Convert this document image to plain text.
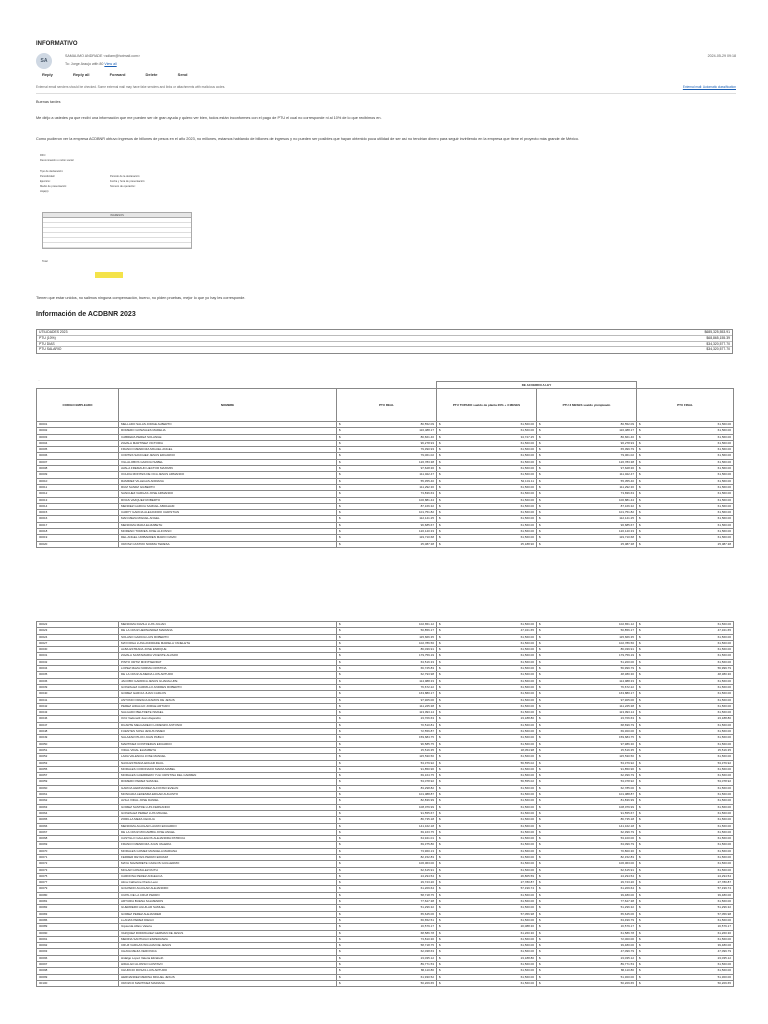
INFORMATIVO
SA
SAMALIMO ANDRADE <sdlam@hotmail.com>
To: Jorge Araujo with 80 View all
2024-05-29 09:18
Reply	Reply all	Forward	Delete	Send
External email senders should be checked. Some external mail may have fake senders and links or attachments with malicious codes.	External mail: Automatic classification
Buenas tardes
Me dirijo a ustedes ya que recibí una información que me pueden ser de gran ayuda y quiero ver bien, todos están inconformes con el pago de PTU el cual no corresponde ni al 10% de lo que recibimos en.
Como pudieron ver la empresa ACDBNR obtuvo ingresos de billones de pesos en el año 2023, no millones, estamos hablando de billones de ingresos y no pueden ser posibles que hayan obtenido poca utilidad de ser así no tendrían dinero para seguir invirtiendo en la empresa que tiene el proyecto más grande de México.
RFC:
Denominación o razón social:
Tipo de declaración:
Periodicidad:
Ejercicio:
Medio de presentación:
Hoja(s):
Periodo de la declaración:
Fecha y hora de presentación:
Número de operación:
INGRESOS
Total
Tienen que estar unidos, no salimos ninguna compensación, bueno, no piden pruebas, mejor lo que yo hay les corresponde.
Información de ACDBNR 2023
UTILIDADES 2023	$685,325,553.91
PTU (10%)	$68,865,155.39
PTU DIAS	$34,320,577.70
PTU SALARIO	$34,320,577.70
..
			DE ACUERDO A LEY		
CODIGO EMPLEADO	NOMBRE	PTU REAL	PTU TOPADO sueldo de planta 20% + 3 MESES	PTU 3 MESES sueldo y/empleado	PTU FINAL
00001	MELLADO SALAS JORGE ALBERTO	$ 80,552.09	$ 61,560.00	$ 80,552.09	$ 61,560.00

00002	ROMERO GONZALES MADELIA	$ 116,488.17	$ 61,560.00	$ 116,488.17	$ 61,560.00

00003	CABRERA PEREZ SOLANGE	$ 80,661.46	$ 34,727.25	$ 80,661.46	$ 61,560.00

00004	ZAVALA MARTINEZ VICTORIA	$ 96,278.93	$ 61,560.00	$ 96,278.93	$ 61,560.00

00005	FRANCO MENDOZA MIGUEL ANGEL	$ 79,390.93	$ 61,560.00	$ 65,099.79	$ 61,560.00

00006	CORTES SANCHEZ JESUS EDUARDO	$ 79,061.02	$ 61,560.00	$ 79,061.02	$ 61,560.00

00007	VILLALOBOS GARCIA ISABEL	$ 126,783.38	$ 61,560.00	$ 126,783.38	$ 61,560.00

00008	AVALA FREMAUD HECTOR MAXIMIN	$ 97,628.36	$ 61,560.00	$ 97,628.36	$ 61,560.00

00009	OCHOA MONTES DE OCA JESUS ARMANDO	$ 111,022.47	$ 61,560.00	$ 111,022.47	$ 61,560.00

00010	RAMIREZ VILLEGAS ADRIANA	$ 55,355.40	$ 52,101.11	$ 55,355.40	$ 61,560.00

00011	RUIZ SANDZ GILBERTO	$ 111,292.36	$ 61,560.00	$ 111,292.36	$ 61,560.00

00012	SANCHEZ VARGAS JOSE ARMANDO	$ 73,836.63	$ 61,560.00	$ 73,836.63	$ 61,560.00

00013	RIVAS VAZQUEZ ROBERTO	$ 100,881.44	$ 61,560.00	$ 100,881.44	$ 61,560.00

00014	MENDEZ GARCIA SAMUEL ABRAHAM	$ 87,166.32	$ 61,560.00	$ 87,166.32	$ 61,560.00

00015	CARPY GARCIA ALEJANDRO CHRISTIAN	$ 101,751.82	$ 61,560.00	$ 101,751.82	$ 61,560.00

00016	MAN MEZA MIGUEL ANGEL	$ 112,141.25	$ 61,560.00	$ 112,141.25	$ 61,560.00

00017	MENDOZA MADA ELIZABETH	$ 96,685.67	$ 61,560.00	$ 96,685.67	$ 61,560.00

00018	MORENO TORRES JOSE ALFONSO	$ 120,140.33	$ 61,560.00	$ 120,140.33	$ 61,560.00

00019	DEL ANGEL URIBARREN MARIO DAVID	$ 119,710.68	$ 61,560.00	$ 119,710.68	$ 61,560.00

00020	OROSZ CASTRO NORMA TERESA	$ 25,087.38	$ 25,188.90	$ 25,087.38	$ 25,087.38
00022	MENDOZA DAVILA LUIS JULIAN	$ 102,651.12	$ 61,560.00	$ 102,651.12	$ 61,560.00

00023	DE LA CRUZ HERNANDEZ MARIANA	$ 50,856.17	$ 47,321.65	$ 50,856.17	$ 47,321.65

00024	SOLANO GARCIA LUIS ROBERTO	$ 115,666.35	$ 61,560.00	$ 115,666.35	$ 61,560.00

00027	MAYORGA LUNA ANDRADE MARIELA YANELETH	$ 102,786.56	$ 61,560.00	$ 102,786.56	$ 61,560.00

00030	ALBA ESTRADA JOSE ENRIQUE	$ 86,039.91	$ 61,560.00	$ 86,039.91	$ 61,560.00

00031	ZAVALA SANTAMARIA VICENTE ALVARO	$ 179,759.19	$ 61,560.00	$ 179,759.19	$ 61,560.00

00032	PINTO ORTIZ MONTSERRAT	$ 63,516.33	$ 61,560.00	$ 51,200.00	$ 61,560.00

00034	LOPEZ MAZA NORMA CRISTINA	$ 66,725.83	$ 61,560.00	$ 56,999.79	$ 56,999.79

00035	DE LA CRUZ ALMEIDA LUIS ARTURO	$ 62,793.98	$ 61,560.00	$ 48,380.30	$ 48,380.30

00036	JACOBO GARRICA JESUS GUADALUPE	$ 114,988.33	$ 61,560.00	$ 114,988.33	$ 61,560.00

00039	GONZALEZ CARRILLO ANDRES ROBERTO	$ 76,672.22	$ 61,560.00	$ 76,672.22	$ 61,560.00

00040	GOMEZ GARCIA JUAN CARLOS	$ 163,880.17	$ 61,560.00	$ 163,880.17	$ 61,560.00

00041	ANTONIO FRESCA RAMOS DE JESUS	$ 97,905.00	$ 61,560.00	$ 97,905.00	$ 61,560.00

00042	PEREZ HIDALGO JORGE ARTURO	$ 111,225.38	$ 61,560.00	$ 111,225.38	$ 61,560.00

00043	SALGADO BELTRETE ISMAEL	$ 113,093.14	$ 61,560.00	$ 113,093.14	$ 61,560.00

00046	Ortiz Vadunelli Juan Alejandro	$ 23,706.63	$ 23,188.80	$ 23,706.63	$ 23,188.80

00047	DUARTE MELGAREJO LORENZO ANTONIO	$ 70,510.81	$ 61,560.00	$ 68,699.79	$ 61,560.00

00048	FUENTES SOSA JESUS ISMEO	$ 72,556.87	$ 61,560.00	$ 69,300.00	$ 61,560.00

00049	SALAZAR PILON JUAN PABLO	$ 159,684.75	$ 61,560.00	$ 159,684.75	$ 61,560.00

00050	MARTINEZ CONTRERAS EDUARDO	$ 96,585.75	$ 61,560.00	$ 97,986.30	$ 61,560.00

00051	VIDAL VIDAL ELIZABETH	$ 15,516.35	$ 18,054.98	$ 15,516.35	$ 15,516.35

00052	LARA VALENCIA JOSE MANUEL	$ 115,530.50	$ 61,560.00	$ 115,530.50	$ 61,560.00

00053	NAVA ESTRADA EDGAR RAUL	$ 53,379.92	$ 56,555.02	$ 53,379.92	$ 53,379.92

00055	MORALES CORONADO MARIA MABEL	$ 91,850.96	$ 61,560.00	$ 91,850.96	$ 61,560.00

00057	MORALES GUERRERO YULI CRISTINA DEL CARMEN	$ 69,164.75	$ 61,560.00	$ 62,399.79	$ 61,560.00

00059	ROMERO PEREZ SAMUEL	$ 53,078.92	$ 56,555.02	$ 53,078.92	$ 53,078.92

00060	GARCIA HERNANDEZ ALFONSO EVELIN	$ 83,298.82	$ 61,560.00	$ 62,785.00	$ 61,560.00

00061	MONCADA LEDESMA EDGAR AUGUSTO	$ 101,088.87	$ 61,560.00	$ 101,088.87	$ 61,560.00

00062	AVILA VIDAL JOSE DANIEL	$ 82,836.99	$ 61,560.00	$ 81,836.99	$ 61,560.00

00063	GOMEZ SASTRE LUIS FERNANDO	$ 108,079.99	$ 61,560.00	$ 108,079.99	$ 61,560.00

00064	GONZALEZ PEREZ LUIS MIGUEL	$ 91,555.67	$ 61,560.00	$ 91,555.67	$ 61,560.00

00065	ZORILLA MEZA CECILIA	$ 86,735.18	$ 61,560.00	$ 86,735.18	$ 61,560.00

00066	MENDOZA AGUILAR LAURO EDUARDO	$ 141,162.18	$ 61,560.00	$ 141,162.18	$ 61,560.00

00067	DE LA CRUZ MOCAMBIA JOSE ANGEL	$ 69,163.75	$ 61,560.00	$ 62,399.79	$ 61,560.00

00068	CASTILLO GALLEGOS ALEJANDRA PATRICIA	$ 64,941.01	$ 61,560.00	$ 53,100.00	$ 61,560.00

00069	FRANCO MENDOZA JUAN VALERIA	$ 69,375.80	$ 61,560.00	$ 63,099.79	$ 61,560.00

00070	MORALES GOMEZ MANUELA MARIANA	$ 73,960.13	$ 61,560.00	$ 70,800.30	$ 61,560.00

00071	FERRER REYES PEDRO EFRAIM	$ 82,152.83	$ 61,560.00	$ 82,152.83	$ 61,560.00

00072	MAYA NAVARRETE CARLOS GUILLERMO	$ 106,063.00	$ 61,560.00	$ 106,063.00	$ 61,560.00

00073	MOLAR GONZALEZ RUTH	$ 62,615.91	$ 61,560.00	$ 62,615.91	$ 61,560.00

00075	CARDONA PEREZ ANGELICA	$ 24,294.54	$ 26,805.59	$ 24,294.54	$ 24,294.54

00077	Alma Catherine Prado Leon	$ 29,723.20	$ 27,780.87	$ 29,723.20	$ 27,780.87

00079	GOLPEDO AGUILAR ALEJANDRO	$ 61,209.64	$ 57,199.74	$ 61,209.64	$ 57,199.74

00080	CUPIL DE LA CRUZ PEDRO	$ 58,718.75	$ 61,560.00	$ 39,480.00	$ 39,480.00

00081	ARTURIA BUENA SALMENDIS	$ 77,627.38	$ 61,560.00	$ 77,627.38	$ 61,560.00

00082	GUERRERO AGUILAR SAMUEL	$ 51,296.32	$ 61,560.00	$ 51,296.32	$ 51,296.32

00083	GOMEZ PEREZ ALEJANDER	$ 65,645.06	$ 57,056.98	$ 65,645.06	$ 57,056.98

00086	LLANAS PEREZ DIEGO	$ 66,652.51	$ 61,560.00	$ 63,499.79	$ 61,560.00

00089	Izquierda Alfaro Valeria	$ 16,579.17	$ 20,088.30	$ 16,579.17	$ 16,579.17

00090	VAZQUEZ RODRIGUEZ GERMAN DE JESUS	$ 68,586.78	$ 61,260.30	$ 61,586.78	$ 61,260.30

00091	MEDINA SANTIAGO ESPERANZA	$ 73,810.30	$ 61,560.00	$ 72,000.00	$ 61,560.00

00092	CRUZ VARGAS WILLIAM DE JESUS	$ 58,718.75	$ 61,560.00	$ 39,480.00	$ 39,480.00

00093	CHAVA MEJIA VERONICA	$ 62,038.63	$ 61,560.00	$ 47,099.79	$ 47,099.79

00096	Hidalgo Lopez Valeria Elizabeth	$ 23,035.12	$ 23,188.80	$ 23,035.12	$ 23,035.12

00097	HIDALGO ALONSO GUSTAVO	$ 89,771.53	$ 61,560.00	$ 89,771.53	$ 61,560.00

00098	CHURCIO ROSAS LUIS ARTURO	$ 86,110.80	$ 61,560.00	$ 86,110.80	$ 61,560.00

00099	HERNANDEZ MEDINA MIGUEL JESUS	$ 61,930.52	$ 61,560.00	$ 51,300.00	$ 51,300.00

00100	OROZCO MARTINEZ MARIANA	$ 50,209.65	$ 61,560.00	$ 50,209.65	$ 50,209.65
